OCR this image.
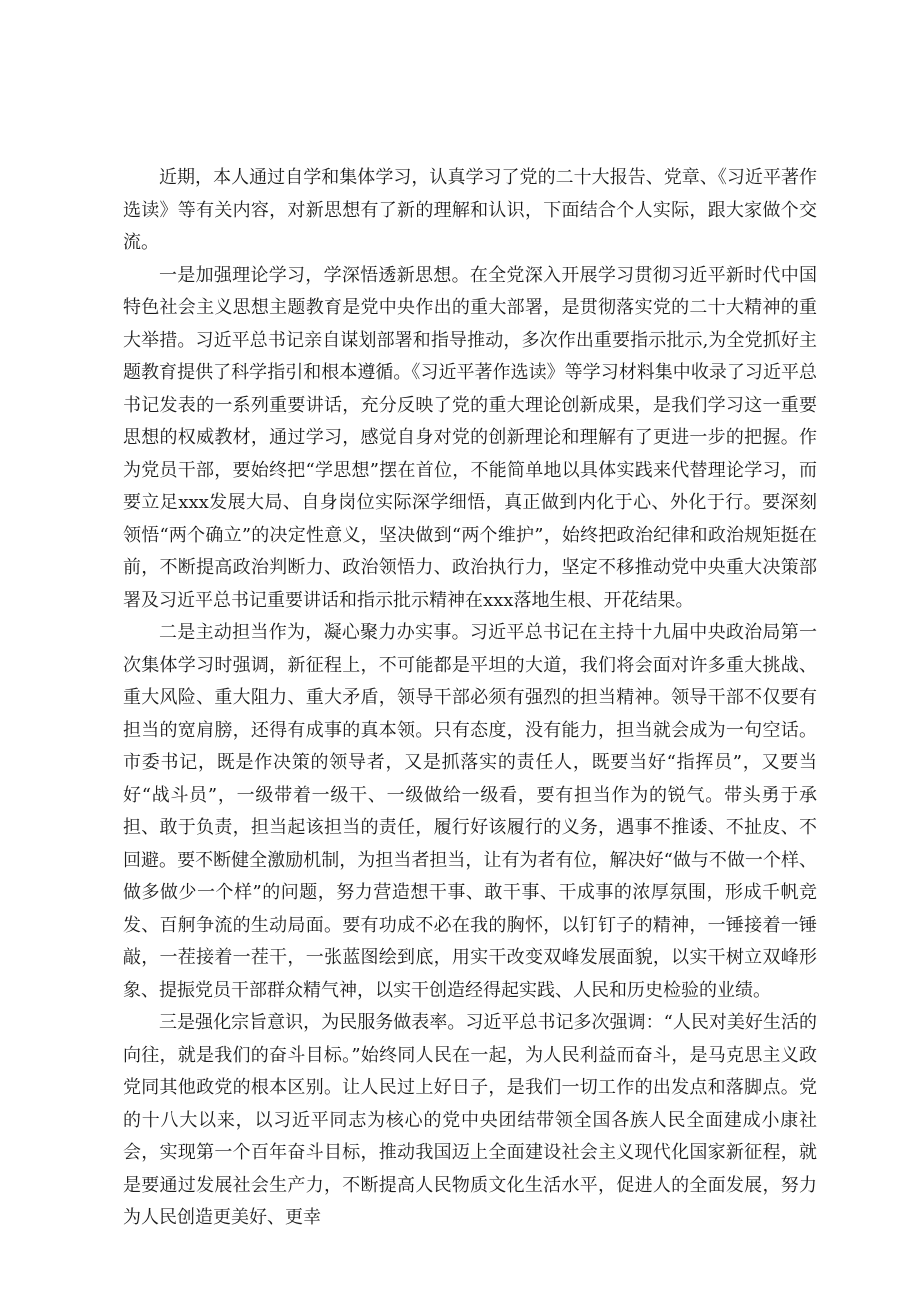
近期，本人通过自学和集体学习，认真学习了党的二十大报告、党章、《习近平著作选读》等有关内容，对新思想有了新的理解和认识，下面结合个人实际，跟大家做个交流。

一是加强理论学习，学深悟透新思想。在全党深入开展学习贯彻习近平新时代中国特色社会主义思想主题教育是党中央作出的重大部署，是贯彻落实党的二十大精神的重大举措。习近平总书记亲自谋划部署和指导推动，多次作出重要指示批示,为全党抓好主题教育提供了科学指引和根本遵循。《习近平著作选读》等学习材料集中收录了习近平总书记发表的一系列重要讲话，充分反映了党的重大理论创新成果，是我们学习这一重要思想的权威教材，通过学习，感觉自身对党的创新理论和理解有了更进一步的把握。作为党员干部，要始终把“学思想”摆在首位，不能简单地以具体实践来代替理论学习，而要立足xxx发展大局、自身岗位实际深学细悟，真正做到内化于心、外化于行。要深刻领悟“两个确立”的决定性意义，坚决做到“两个维护”，始终把政治纪律和政治规矩挺在前，不断提高政治判断力、政治领悟力、政治执行力，坚定不移推动党中央重大决策部署及习近平总书记重要讲话和指示批示精神在xxx落地生根、开花结果。

二是主动担当作为，凝心聚力办实事。习近平总书记在主持十九届中央政治局第一次集体学习时强调，新征程上，不可能都是平坦的大道，我们将会面对许多重大挑战、重大风险、重大阻力、重大矛盾，领导干部必须有强烈的担当精神。领导干部不仅要有担当的宽肩膀，还得有成事的真本领。只有态度，没有能力，担当就会成为一句空话。市委书记，既是作决策的领导者，又是抓落实的责任人，既要当好“指挥员”，又要当好“战斗员”，一级带着一级干、一级做给一级看，要有担当作为的锐气。带头勇于承担、敢于负责，担当起该担当的责任，履行好该履行的义务，遇事不推诿、不扯皮、不回避。要不断健全激励机制，为担当者担当，让有为者有位，解决好“做与不做一个样、做多做少一个样”的问题，努力营造想干事、敢干事、干成事的浓厚氛围，形成千帆竞发、百舸争流的生动局面。要有功成不必在我的胸怀，以钉钉子的精神，一锤接着一锤敲，一茬接着一茬干，一张蓝图绘到底，用实干改变双峰发展面貌，以实干树立双峰形象、提振党员干部群众精气神，以实干创造经得起实践、人民和历史检验的业绩。

三是强化宗旨意识，为民服务做表率。习近平总书记多次强调：“人民对美好生活的向往，就是我们的奋斗目标。”始终同人民在一起，为人民利益而奋斗，是马克思主义政党同其他政党的根本区别。让人民过上好日子，是我们一切工作的出发点和落脚点。党的十八大以来，以习近平同志为核心的党中央团结带领全国各族人民全面建成小康社会，实现第一个百年奋斗目标，推动我国迈上全面建设社会主义现代化国家新征程，就是要通过发展社会生产力，不断提高人民物质文化生活水平，促进人的全面发展，努力为人民创造更美好、更幸
